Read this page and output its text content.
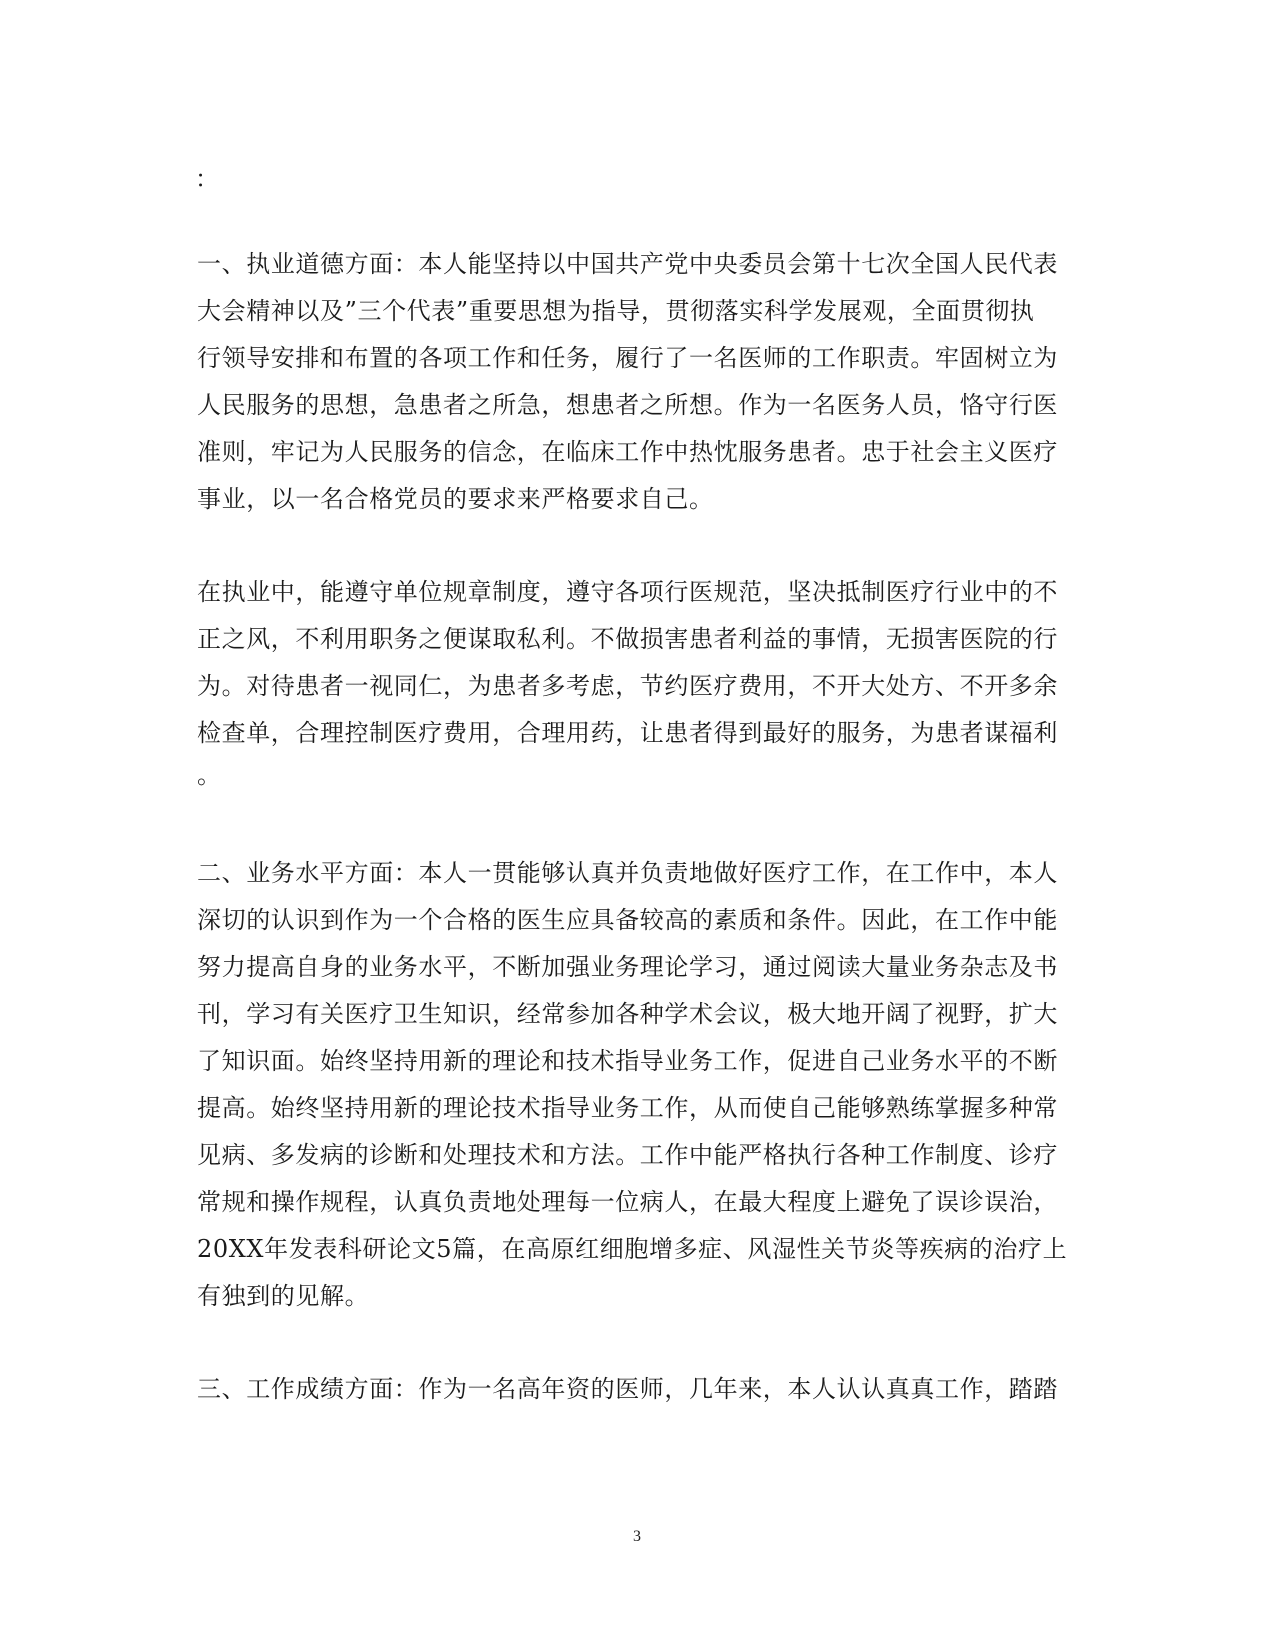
：
一、执业道德方面：本人能坚持以中国共产党中央委员会第十七次全国人民代表
大会精神以及”三个代表”重要思想为指导，贯彻落实科学发展观，全面贯彻执
行领导安排和布置的各项工作和任务，履行了一名医师的工作职责。牢固树立为
人民服务的思想，急患者之所急，想患者之所想。作为一名医务人员，恪守行医
准则，牢记为人民服务的信念，在临床工作中热忱服务患者。忠于社会主义医疗
事业，以一名合格党员的要求来严格要求自己。
在执业中，能遵守单位规章制度，遵守各项行医规范，坚决抵制医疗行业中的不
正之风，不利用职务之便谋取私利。不做损害患者利益的事情，无损害医院的行
为。对待患者一视同仁，为患者多考虑，节约医疗费用，不开大处方、不开多余
检查单，合理控制医疗费用，合理用药，让患者得到最好的服务，为患者谋福利
。
二、业务水平方面：本人一贯能够认真并负责地做好医疗工作，在工作中，本人
深切的认识到作为一个合格的医生应具备较高的素质和条件。因此，在工作中能
努力提高自身的业务水平，不断加强业务理论学习，通过阅读大量业务杂志及书
刊，学习有关医疗卫生知识，经常参加各种学术会议，极大地开阔了视野，扩大
了知识面。始终坚持用新的理论和技术指导业务工作，促进自己业务水平的不断
提高。始终坚持用新的理论技术指导业务工作，从而使自己能够熟练掌握多种常
见病、多发病的诊断和处理技术和方法。工作中能严格执行各种工作制度、诊疗
常规和操作规程，认真负责地处理每一位病人，在最大程度上避免了误诊误治，
20XX年发表科研论文5篇，在高原红细胞增多症、风湿性关节炎等疾病的治疗上
有独到的见解。
三、工作成绩方面：作为一名高年资的医师，几年来，本人认认真真工作，踏踏
3
